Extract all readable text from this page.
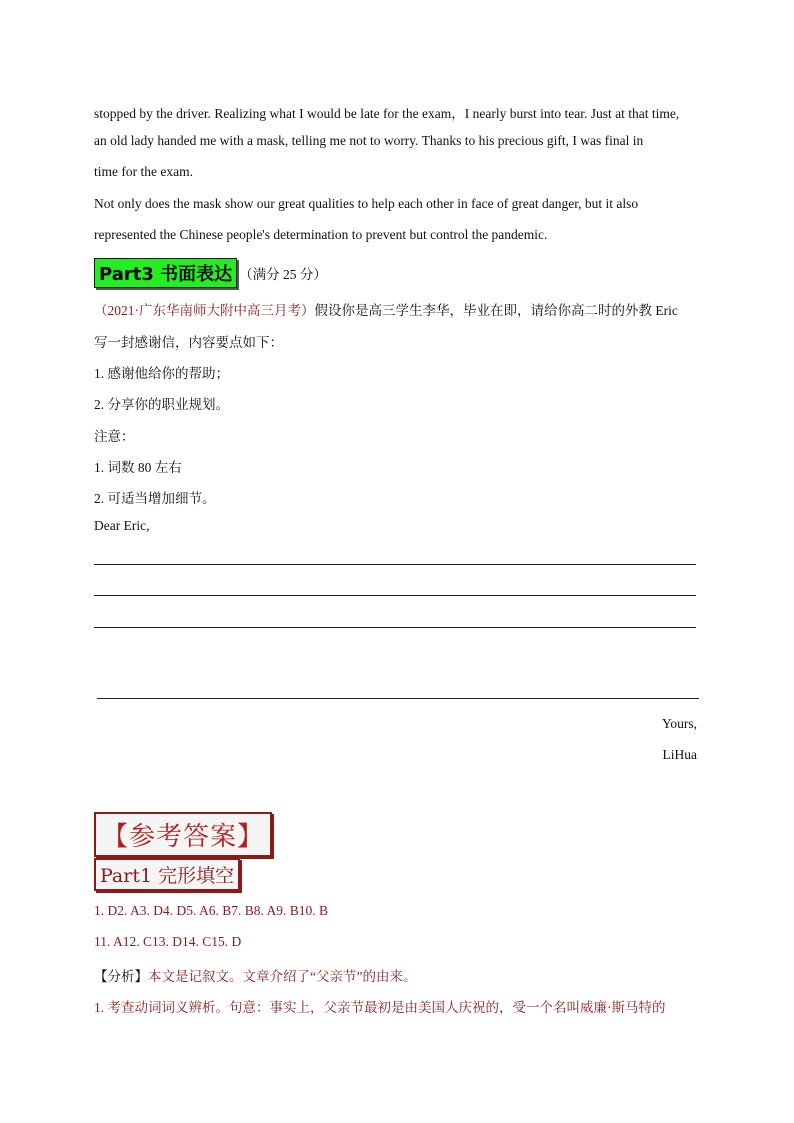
stopped by the driver. Realizing what I would be late for the exam，I nearly burst into tear. Just at that time,
an old lady handed me with a mask, telling me not to worry. Thanks to his precious gift, I was final in
time for the exam.
Not only does the mask show our great qualities to help each other in face of great danger, but it also
represented the Chinese people's determination to prevent but control the pandemic.
Part3 书面表达 （满分 25 分）
（2021·广东华南师大附中高三月考）假设你是高三学生李华，毕业在即，请给你高二时的外教 Eric
写一封感谢信，内容要点如下：
1. 感谢他给你的帮助；
2. 分享你的职业规划。
注意：
1. 词数 80 左右
2. 可适当增加细节。
Dear Eric,
Yours,
LiHua
【参考答案】
Part1 完形填空
1. D2. A3. D4. D5. A6. B7. B8. A9. B10. B
11. A12. C13. D14. C15. D
【分析】本文是记叙文。文章介绍了“父亲节”的由来。
1. 考查动词词义辨析。句意：事实上，父亲节最初是由美国人庆祝的，受一个名叫威廉·斯马特的
